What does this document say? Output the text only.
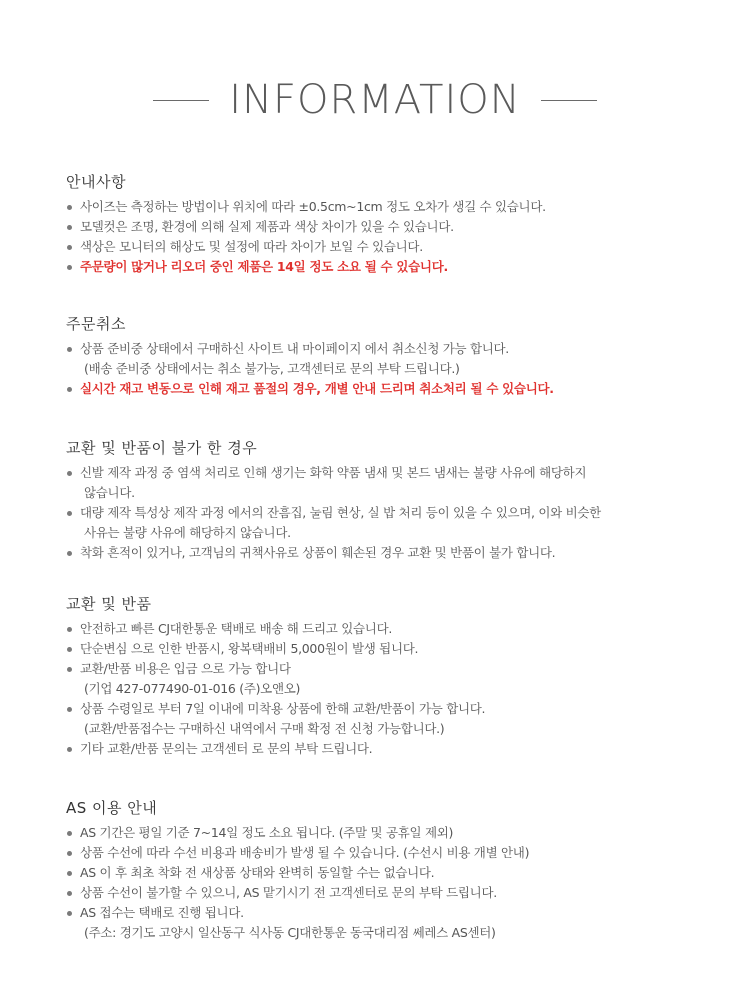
INFORMATION
안내사항
사이즈는 측정하는 방법이나 위치에 따라 ±0.5cm~1cm 정도 오차가 생길 수 있습니다.
모델컷은 조명, 환경에 의해 실제 제품과 색상 차이가 있을 수 있습니다.
색상은 모니터의 해상도 및 설정에 따라 차이가 보일 수 있습니다.
주문량이 많거나 리오더 중인 제품은 14일 정도 소요 될 수 있습니다.
주문취소
상품 준비중 상태에서 구매하신 사이트 내 마이페이지 에서 취소신청 가능 합니다.
(배송 준비중 상태에서는 취소 불가능, 고객센터로 문의 부탁 드립니다.)
실시간 재고 변동으로 인해 재고 품절의 경우, 개별 안내 드리며 취소처리 될 수 있습니다.
교환 및 반품이 불가 한 경우
신발 제작 과정 중 염색 처리로 인해 생기는 화학 약품 냄새 및 본드 냄새는 불량 사유에 해당하지
않습니다.
대량 제작 특성상 제작 과정 에서의 잔흠집, 눌림 현상, 실 밥 처리 등이 있을 수 있으며, 이와 비슷한
사유는 불량 사유에 해당하지 않습니다.
착화 흔적이 있거나, 고객님의 귀책사유로 상품이 훼손된 경우 교환 및 반품이 불가 합니다.
교환 및 반품
안전하고 빠른 CJ대한통운 택배로 배송 해 드리고 있습니다.
단순변심 으로 인한 반품시, 왕복택배비 5,000원이 발생 됩니다.
교환/반품 비용은 입금 으로 가능 합니다
(기업 427-077490-01-016 (주)오앤오)
상품 수령일로 부터 7일 이내에 미착용 상품에 한해 교환/반품이 가능 합니다.
(교환/반품접수는 구매하신 내역에서 구매 확정 전 신청 가능합니다.)
기타 교환/반품 문의는 고객센터 로 문의 부탁 드립니다.
AS 이용 안내
AS 기간은 평일 기준 7~14일 정도 소요 됩니다. (주말 및 공휴일 제외)
상품 수선에 따라 수선 비용과 배송비가 발생 될 수 있습니다. (수선시 비용 개별 안내)
AS 이 후 최초 착화 전 새상품 상태와 완벽히 동일할 수는 없습니다.
상품 수선이 불가할 수 있으니, AS 맡기시기 전 고객센터로 문의 부탁 드립니다.
AS 접수는 택배로 진행 됩니다.
(주소: 경기도 고양시 일산동구 식사동 CJ대한통운 동국대리점 쎄레스 AS센터)
